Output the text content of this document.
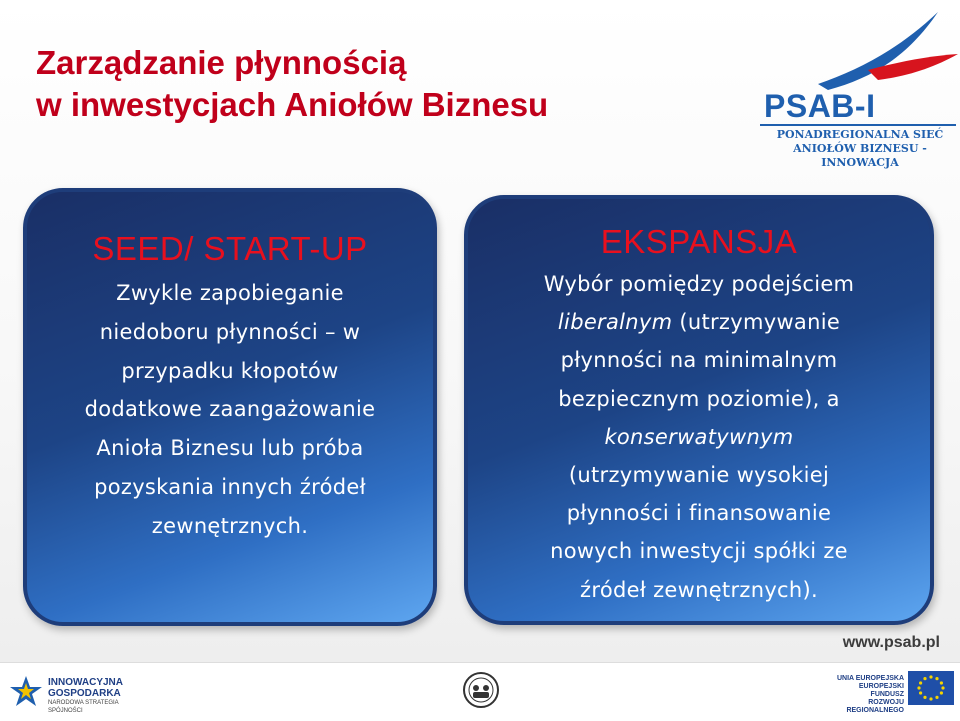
Zarządzanie płynnością
w inwestycjach Aniołów Biznesu	PSAB-I
PONADREGIONALNA SIEĆ
ANIOŁÓW BIZNESU - INNOWACJA
SEED/ START-UP

Zwykle zapobieganie
niedoboru płynności – w
przypadku kłopotów
dodatkowe zaangażowanie
Anioła Biznesu lub próba
pozyskania innych źródeł
zewnętrznych.

EKSPANSJA

Wybór pomiędzy podejściem
liberalnym (utrzymywanie
płynności na minimalnym
bezpiecznym poziomie), a
konserwatywnym
(utrzymywanie wysokiej
płynności i finansowanie
nowych inwestycji spółki ze
źródeł zewnętrznych).

www.psab.pl
INNOWACYJNA
GOSPODARKA
NARODOWA STRATEGIA SPÓJNOŚCI
UNIA EUROPEJSKA
EUROPEJSKI FUNDUSZ
ROZWOJU REGIONALNEGO
